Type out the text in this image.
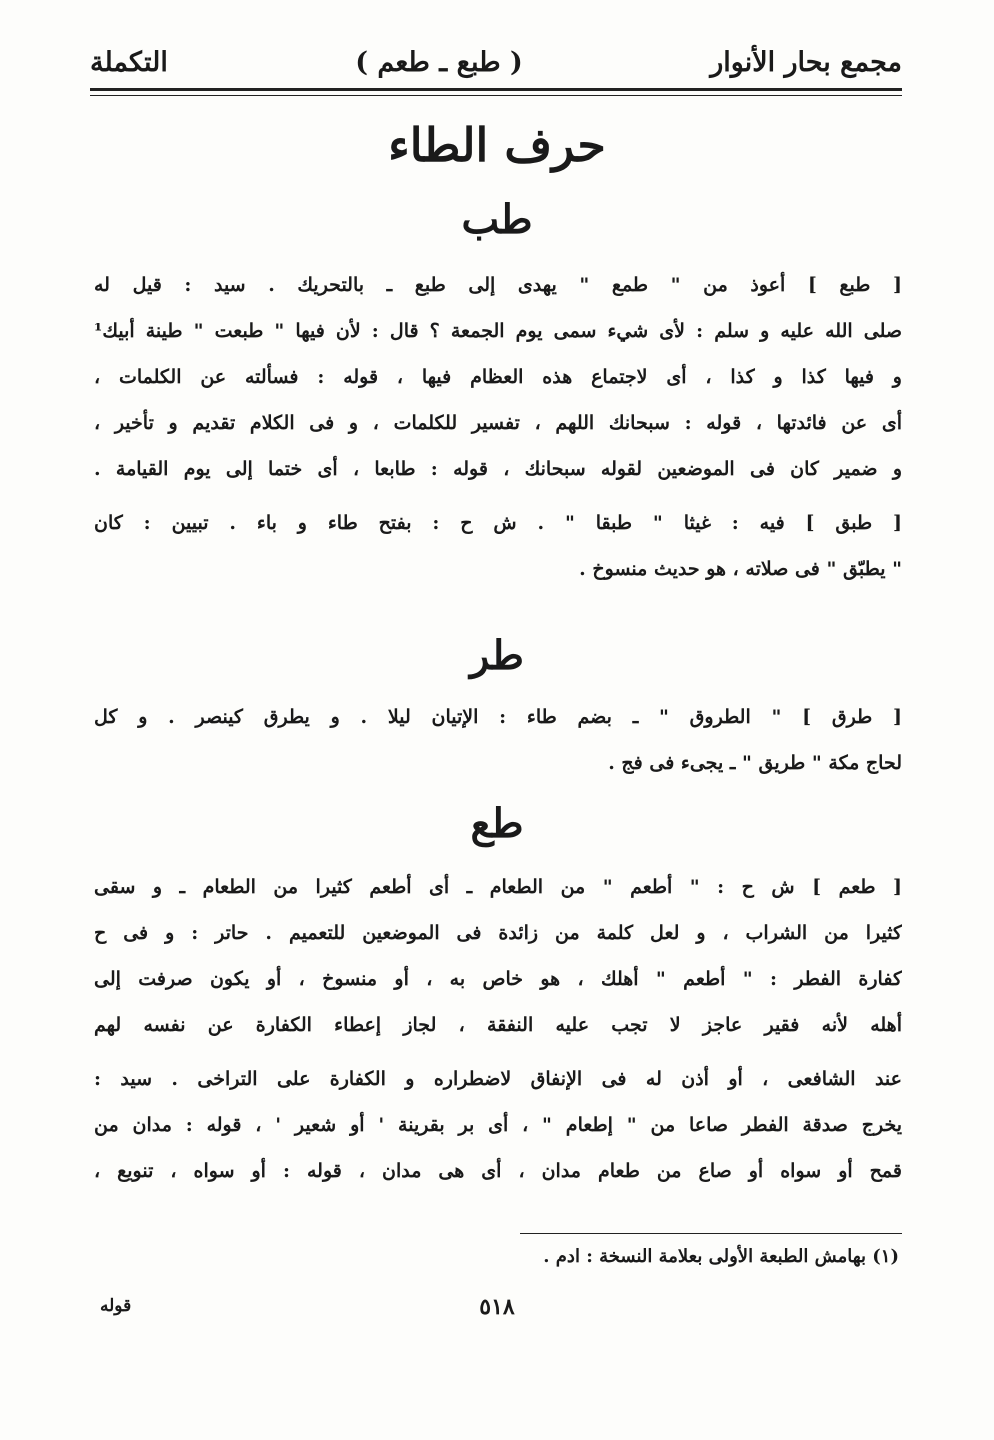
مجمع بحار الأنوار
( طبع ـ طعم )
التكملة
حرف الطاء
طب
[ طبع ] أعوذ من " طمع " يهدى إلى طبع ـ بالتحريك . سيد : قيل له
صلى الله عليه و سلم : لأى شيء سمى يوم الجمعة ؟ قال : لأن فيها " طبعت " طينة أبيك¹
و فيها كذا و كذا ، أى لاجتماع هذه العظام فيها ، قوله : فسألته عن الكلمات ،
أى عن فائدتها ، قوله : سبحانك اللهم ، تفسير للكلمات ، و فى الكلام تقديم و تأخير ،
و ضمير كان فى الموضعين لقوله سبحانك ، قوله : طابعا ، أى ختما إلى يوم القيامة .
[ طبق ] فيه : غيثا " طبقا " . ش ح : بفتح طاء و باء . تبيين : كان
" يطبّق " فى صلاته ، هو حديث منسوخ .
طر
[ طرق ] " الطروق " ـ بضم طاء : الإتيان ليلا . و يطرق كينصر . و كل
لحاج مكة " طريق " ـ يجىء فى فج .
طع
[ طعم ] ش ح : " أطعم " من الطعام ـ أى أطعم كثيرا من الطعام ـ و سقى
كثيرا من الشراب ، و لعل كلمة من زائدة فى الموضعين للتعميم . حاتر : و فى ح
كفارة الفطر : " أطعم " أهلك ، هو خاص به ، أو منسوخ ، أو يكون صرفت إلى
أهله لأنه فقير عاجز لا تجب عليه النفقة ، لجاز إعطاء الكفارة عن نفسه لهم
عند الشافعى ، أو أذن له فى الإنفاق لاضطراره و الكفارة على التراخى . سيد :
يخرج صدقة الفطر صاعا من " إطعام " ، أى بر بقرينة ' أو شعير ' ، قوله : مدان من
قمح أو سواه أو صاع من طعام مدان ، أى هى مدان ، قوله : أو سواه ، تنويع ،
(١) بهامش الطبعة الأولى بعلامة النسخة : ادم .
قوله	٥١٨
